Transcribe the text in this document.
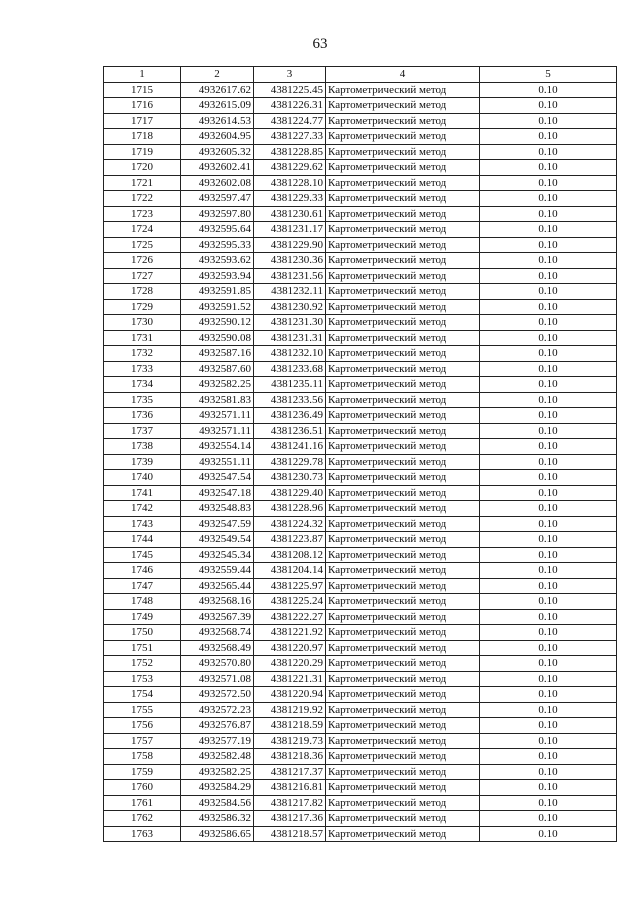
63
1	2	3	4	5
1715	4932617.62	4381225.45	Картометрический метод	0.10
1716	4932615.09	4381226.31	Картометрический метод	0.10
1717	4932614.53	4381224.77	Картометрический метод	0.10
1718	4932604.95	4381227.33	Картометрический метод	0.10
1719	4932605.32	4381228.85	Картометрический метод	0.10
1720	4932602.41	4381229.62	Картометрический метод	0.10
1721	4932602.08	4381228.10	Картометрический метод	0.10
1722	4932597.47	4381229.33	Картометрический метод	0.10
1723	4932597.80	4381230.61	Картометрический метод	0.10
1724	4932595.64	4381231.17	Картометрический метод	0.10
1725	4932595.33	4381229.90	Картометрический метод	0.10
1726	4932593.62	4381230.36	Картометрический метод	0.10
1727	4932593.94	4381231.56	Картометрический метод	0.10
1728	4932591.85	4381232.11	Картометрический метод	0.10
1729	4932591.52	4381230.92	Картометрический метод	0.10
1730	4932590.12	4381231.30	Картометрический метод	0.10
1731	4932590.08	4381231.31	Картометрический метод	0.10
1732	4932587.16	4381232.10	Картометрический метод	0.10
1733	4932587.60	4381233.68	Картометрический метод	0.10
1734	4932582.25	4381235.11	Картометрический метод	0.10
1735	4932581.83	4381233.56	Картометрический метод	0.10
1736	4932571.11	4381236.49	Картометрический метод	0.10
1737	4932571.11	4381236.51	Картометрический метод	0.10
1738	4932554.14	4381241.16	Картометрический метод	0.10
1739	4932551.11	4381229.78	Картометрический метод	0.10
1740	4932547.54	4381230.73	Картометрический метод	0.10
1741	4932547.18	4381229.40	Картометрический метод	0.10
1742	4932548.83	4381228.96	Картометрический метод	0.10
1743	4932547.59	4381224.32	Картометрический метод	0.10
1744	4932549.54	4381223.87	Картометрический метод	0.10
1745	4932545.34	4381208.12	Картометрический метод	0.10
1746	4932559.44	4381204.14	Картометрический метод	0.10
1747	4932565.44	4381225.97	Картометрический метод	0.10
1748	4932568.16	4381225.24	Картометрический метод	0.10
1749	4932567.39	4381222.27	Картометрический метод	0.10
1750	4932568.74	4381221.92	Картометрический метод	0.10
1751	4932568.49	4381220.97	Картометрический метод	0.10
1752	4932570.80	4381220.29	Картометрический метод	0.10
1753	4932571.08	4381221.31	Картометрический метод	0.10
1754	4932572.50	4381220.94	Картометрический метод	0.10
1755	4932572.23	4381219.92	Картометрический метод	0.10
1756	4932576.87	4381218.59	Картометрический метод	0.10
1757	4932577.19	4381219.73	Картометрический метод	0.10
1758	4932582.48	4381218.36	Картометрический метод	0.10
1759	4932582.25	4381217.37	Картометрический метод	0.10
1760	4932584.29	4381216.81	Картометрический метод	0.10
1761	4932584.56	4381217.82	Картометрический метод	0.10
1762	4932586.32	4381217.36	Картометрический метод	0.10
1763	4932586.65	4381218.57	Картометрический метод	0.10
